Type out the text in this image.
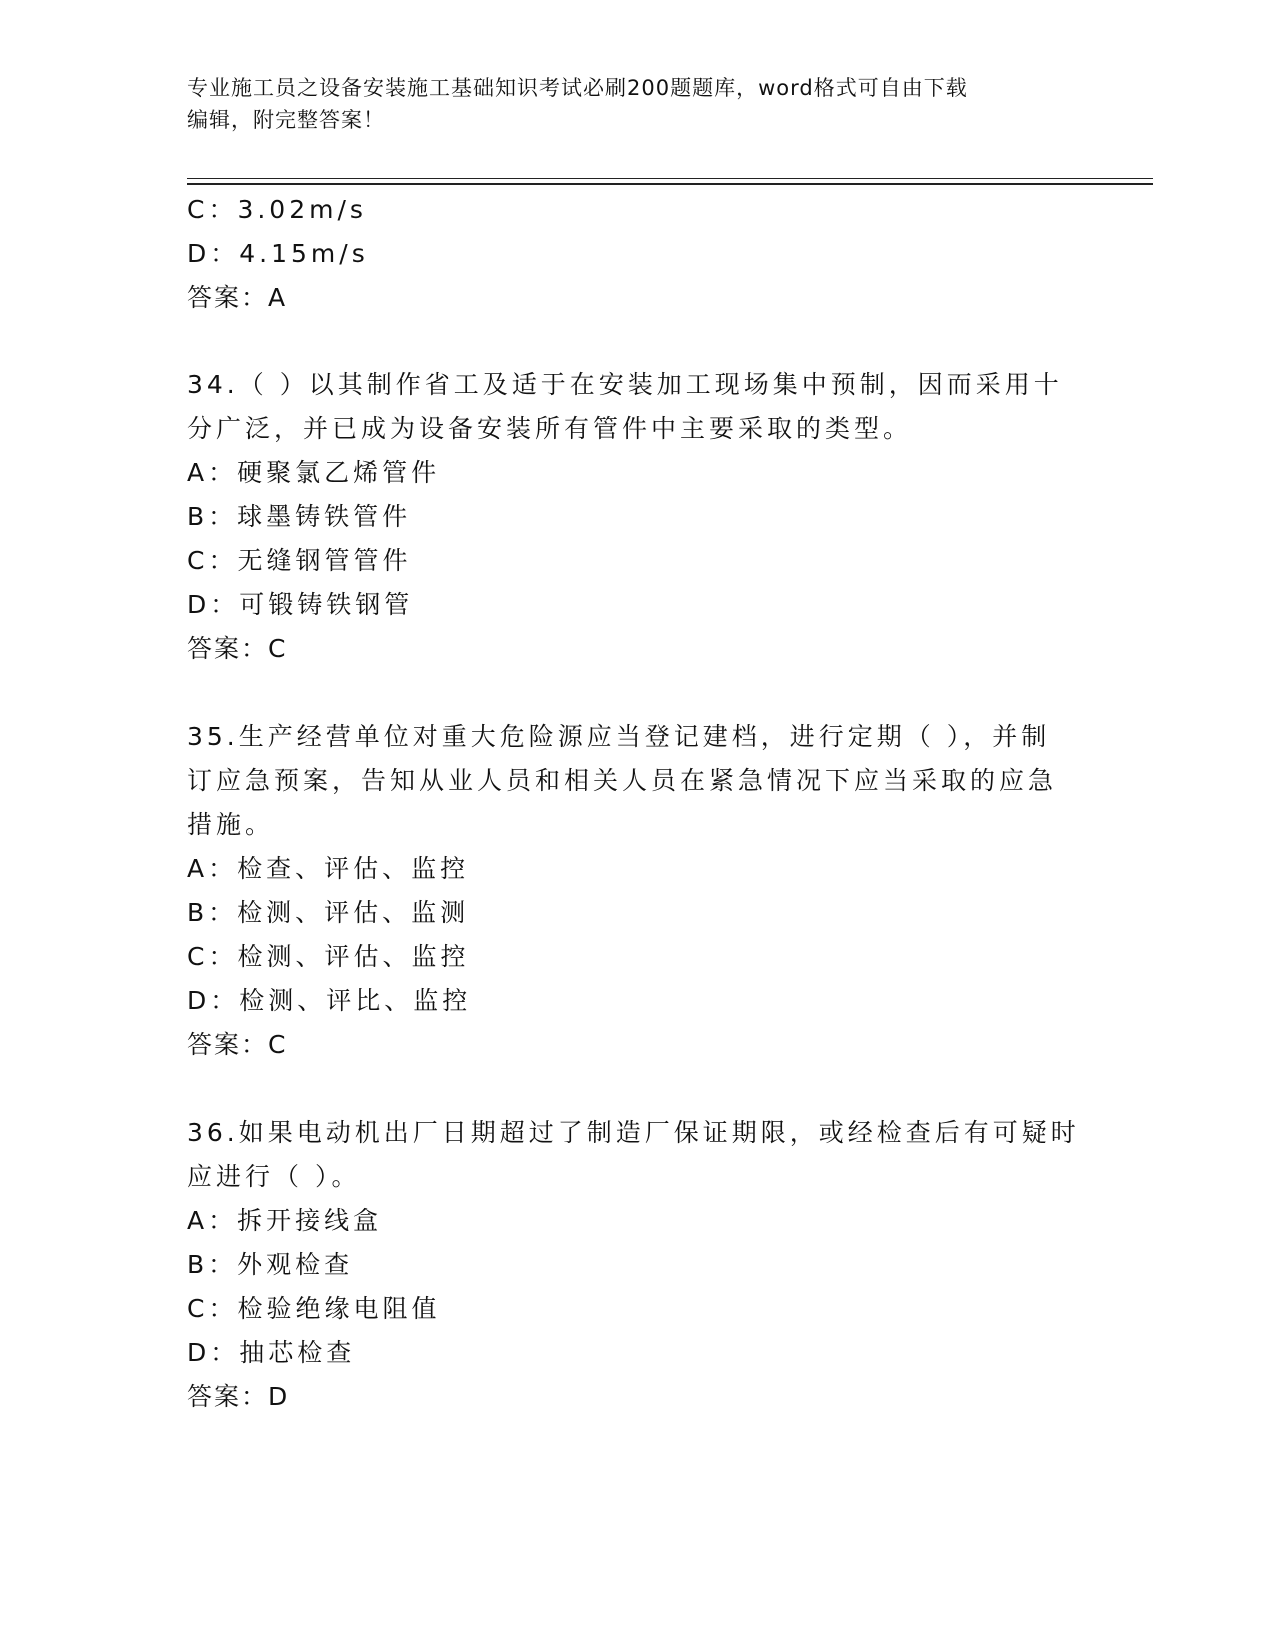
专业施工员之设备安装施工基础知识考试必刷200题题库，word格式可自由下载
编辑，附完整答案！
C：3.02m/s
D：4.15m/s
答案：A
34.（ ）以其制作省工及适于在安装加工现场集中预制，因而采用十
分广泛，并已成为设备安装所有管件中主要采取的类型。
A：硬聚氯乙烯管件
B：球墨铸铁管件
C：无缝钢管管件
D：可锻铸铁钢管
答案：C
35.生产经营单位对重大危险源应当登记建档，进行定期（ ），并制
订应急预案，告知从业人员和相关人员在紧急情况下应当采取的应急
措施。
A：检查、评估、监控
B：检测、评估、监测
C：检测、评估、监控
D：检测、评比、监控
答案：C
36.如果电动机出厂日期超过了制造厂保证期限，或经检查后有可疑时
应进行（ ）。
A：拆开接线盒
B：外观检查
C：检验绝缘电阻值
D：抽芯检查
答案：D
